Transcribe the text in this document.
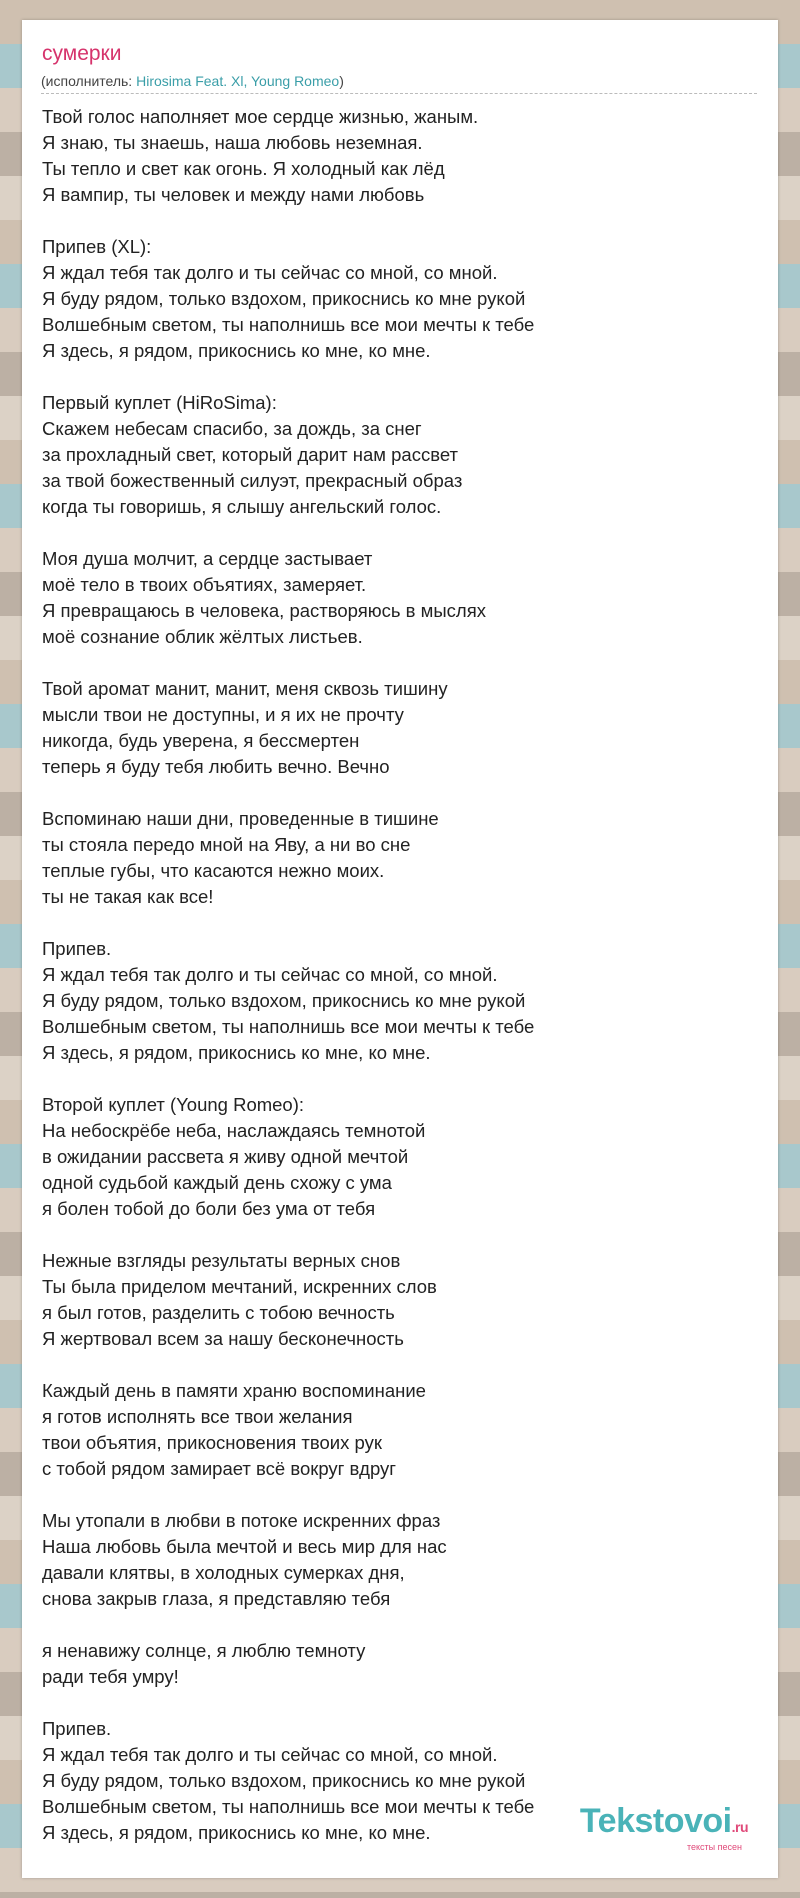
сумерки
(исполнитель: Hirosima Feat. Xl, Young Romeo)
Твой голос наполняет мое сердце жизнью, жаным.
Я знаю, ты знаешь, наша любовь неземная.
Ты тепло и свет как огонь. Я холодный как лёд
Я вампир, ты человек и между нами любовь
Припев (XL):
Я ждал тебя так долго и ты сейчас со мной, со мной.
Я буду рядом, только вздохом, прикоснись ко мне рукой
Волшебным светом, ты наполнишь все мои мечты к тебе
Я здесь, я рядом, прикоснись ко мне, ко мне.
Первый куплет (HiRoSima):
Скажем небесам спасибо, за дождь, за снег
за прохладный свет, который дарит нам рассвет
за твой божественный силуэт, прекрасный образ
когда ты говоришь, я слышу ангельский голос.
Моя душа молчит, а сердце застывает
моё тело в твоих объятиях, замеряет.
Я превращаюсь в человека, растворяюсь в мыслях
моё сознание облик жёлтых листьев.
Твой аромат манит, манит, меня сквозь тишину
мысли твои не доступны, и я их не прочту
никогда, будь уверена, я бессмертен
теперь я буду тебя любить вечно. Вечно
Вспоминаю наши дни, проведенные в тишине
ты стояла передо мной на Яву, а ни во сне
теплые губы, что касаются нежно моих.
ты не такая как все!
Припев.
Я ждал тебя так долго и ты сейчас со мной, со мной.
Я буду рядом, только вздохом, прикоснись ко мне рукой
Волшебным светом, ты наполнишь все мои мечты к тебе
Я здесь, я рядом, прикоснись ко мне, ко мне.
Второй куплет (Young Romeo):
На небоскрёбе неба, наслаждаясь темнотой
в ожидании рассвета я живу одной мечтой
одной судьбой каждый день схожу с ума
я болен тобой до боли без ума от тебя
Нежные взгляды результаты верных снов
Ты была приделом мечтаний, искренних слов
я был готов, разделить с тобою вечность
Я жертвовал всем за нашу бесконечность
Каждый день в памяти храню воспоминание
я готов исполнять все твои желания
твои объятия, прикосновения твоих рук
с тобой рядом замирает всё вокруг вдруг
Мы утопали в любви в потоке искренних фраз
Наша любовь была мечтой и весь мир для нас
давали клятвы, в холодных сумерках дня,
снова закрыв глаза, я представляю тебя
я ненавижу солнце, я люблю темноту
ради тебя умру!
Припев.
Я ждал тебя так долго и ты сейчас со мной, со мной.
Я буду рядом, только вздохом, прикоснись ко мне рукой
Волшебным светом, ты наполнишь все мои мечты к тебе
Я здесь, я рядом, прикоснись ко мне, ко мне.	Tekstovoi.ru
тексты песен
